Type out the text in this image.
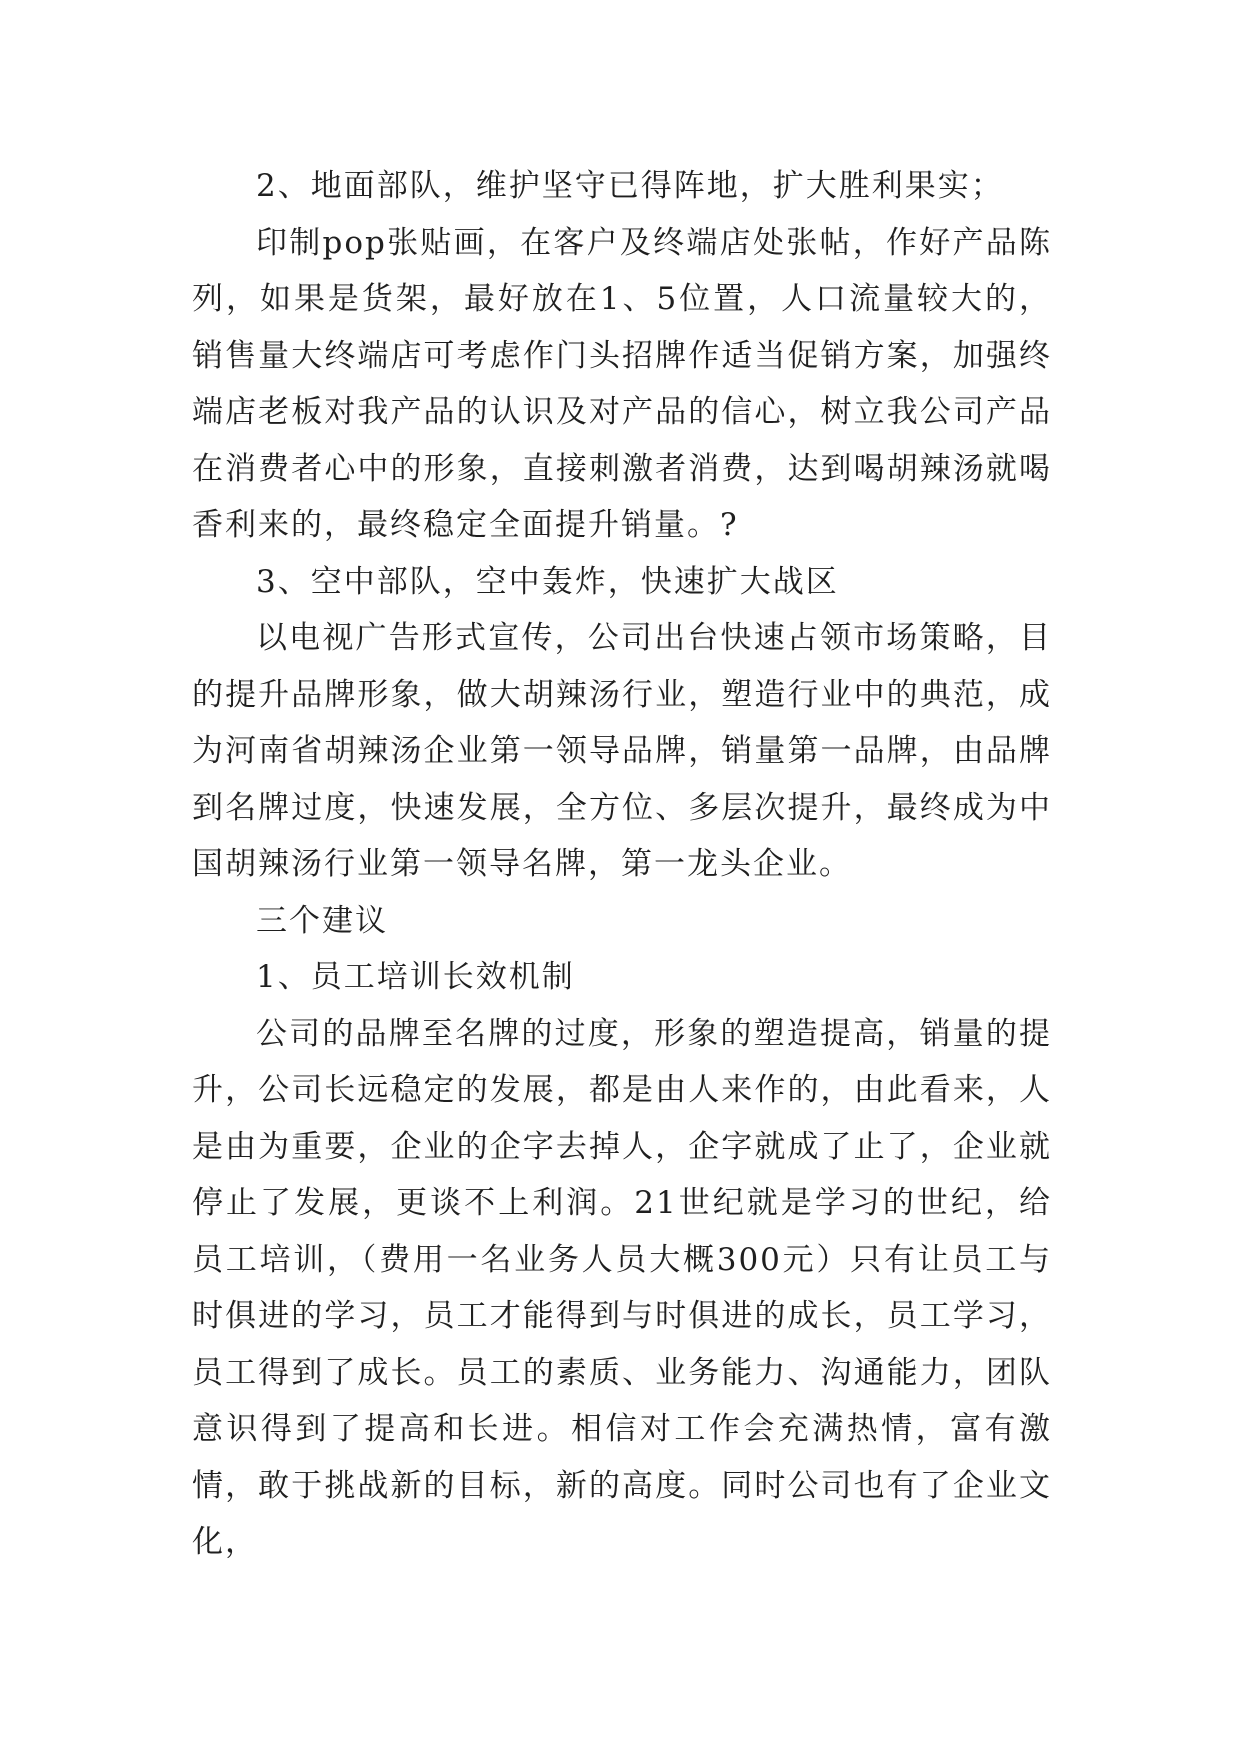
2、地面部队，维护坚守已得阵地，扩大胜利果实；

印制pop张贴画，在客户及终端店处张帖，作好产品陈列，如果是货架，最好放在1、5位置，人口流量较大的，销售量大终端店可考虑作门头招牌作适当促销方案，加强终端店老板对我产品的认识及对产品的信心，树立我公司产品在消费者心中的形象，直接刺激者消费，达到喝胡辣汤就喝香利来的，最终稳定全面提升销量。?

3、空中部队，空中轰炸，快速扩大战区

以电视广告形式宣传，公司出台快速占领市场策略，目的提升品牌形象，做大胡辣汤行业，塑造行业中的典范，成为河南省胡辣汤企业第一领导品牌，销量第一品牌，由品牌到名牌过度，快速发展，全方位、多层次提升，最终成为中国胡辣汤行业第一领导名牌，第一龙头企业。

三个建议

1、员工培训长效机制

公司的品牌至名牌的过度，形象的塑造提高，销量的提升，公司长远稳定的发展，都是由人来作的，由此看来，人是由为重要，企业的企字去掉人，企字就成了止了，企业就停止了发展，更谈不上利润。21世纪就是学习的世纪，给员工培训，（费用一名业务人员大概300元）只有让员工与时俱进的学习，员工才能得到与时俱进的成长，员工学习，员工得到了成长。员工的素质、业务能力、沟通能力，团队意识得到了提高和长进。相信对工作会充满热情，富有激情，敢于挑战新的目标，新的高度。同时公司也有了企业文化，
